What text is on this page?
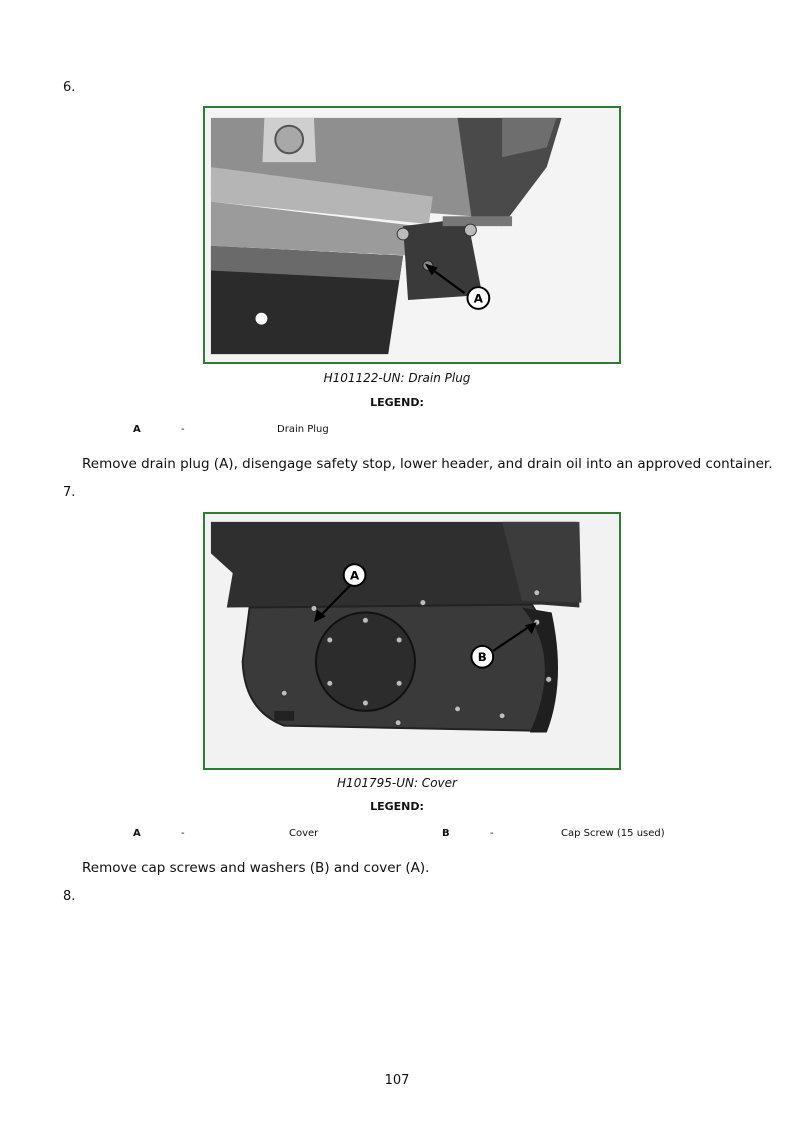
6.
A
H101122-UN: Drain Plug
LEGEND:
A	-	Drain Plug
Remove drain plug (A), disengage safety stop, lower header, and drain oil into an approved container.
7.
A
B
H101795-UN: Cover
LEGEND:
A	-	Cover	B	-	Cap Screw (15 used)
Remove cap screws and washers (B) and cover (A).
8.
107
